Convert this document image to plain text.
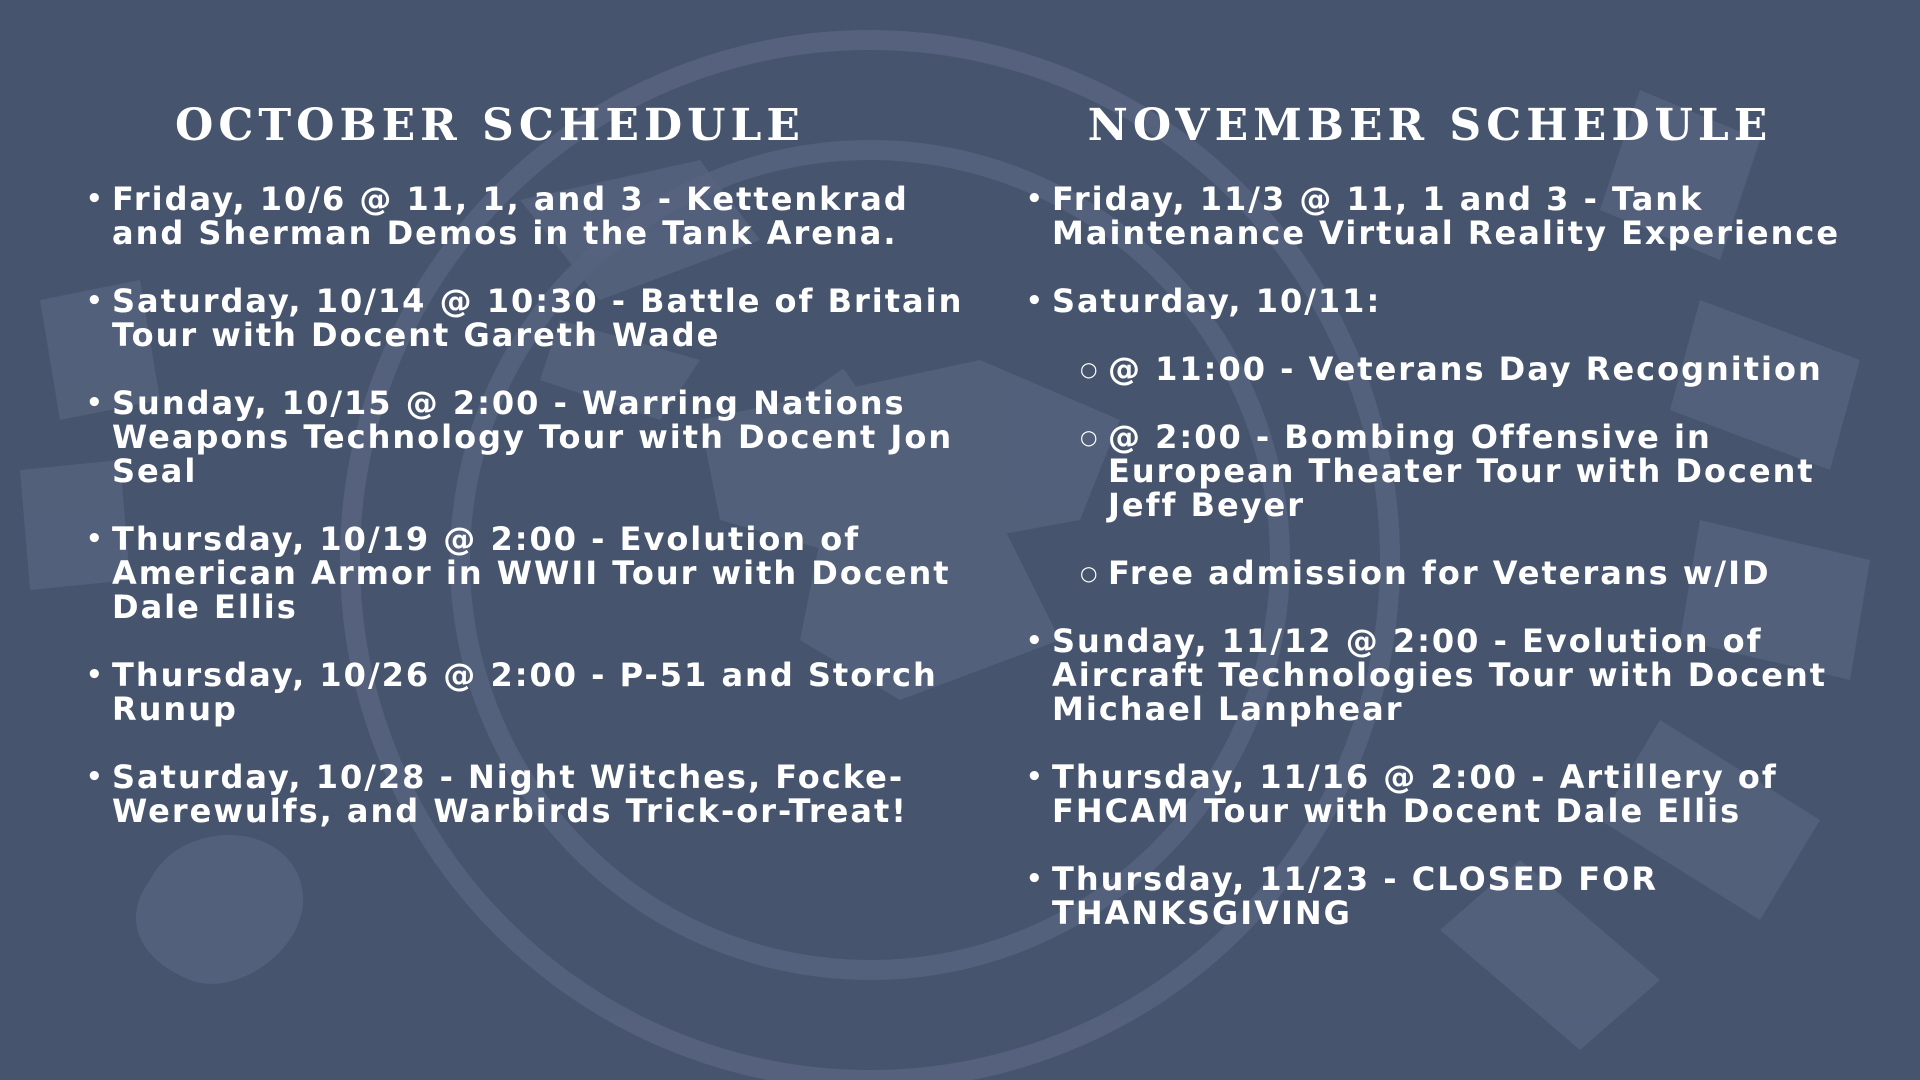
OCTOBER SCHEDULE
• Friday, 10/6 @ 11, 1, and 3 - Kettenkrad and Sherman Demos in the Tank Arena.
• Saturday, 10/14 @ 10:30 - Battle of Britain Tour with Docent Gareth Wade
• Sunday, 10/15 @ 2:00 - Warring Nations Weapons Technology Tour with Docent Jon Seal
• Thursday, 10/19 @ 2:00 - Evolution of American Armor in WWII Tour with Docent Dale Ellis
• Thursday, 10/26 @ 2:00 - P-51 and Storch Runup
• Saturday, 10/28 - Night Witches, Focke-Werewulfs, and Warbirds Trick-or-Treat!
NOVEMBER SCHEDULE
• Friday, 11/3 @ 11, 1 and 3 - Tank Maintenance Virtual Reality Experience
• Saturday, 10/11:
○ @ 11:00 - Veterans Day Recognition
○ @ 2:00 - Bombing Offensive in European Theater Tour with Docent Jeff Beyer
○ Free admission for Veterans w/ID
• Sunday, 11/12 @ 2:00 - Evolution of Aircraft Technologies Tour with Docent Michael Lanphear
• Thursday, 11/16 @ 2:00 - Artillery of FHCAM Tour with Docent Dale Ellis
• Thursday, 11/23 - CLOSED FOR THANKSGIVING
